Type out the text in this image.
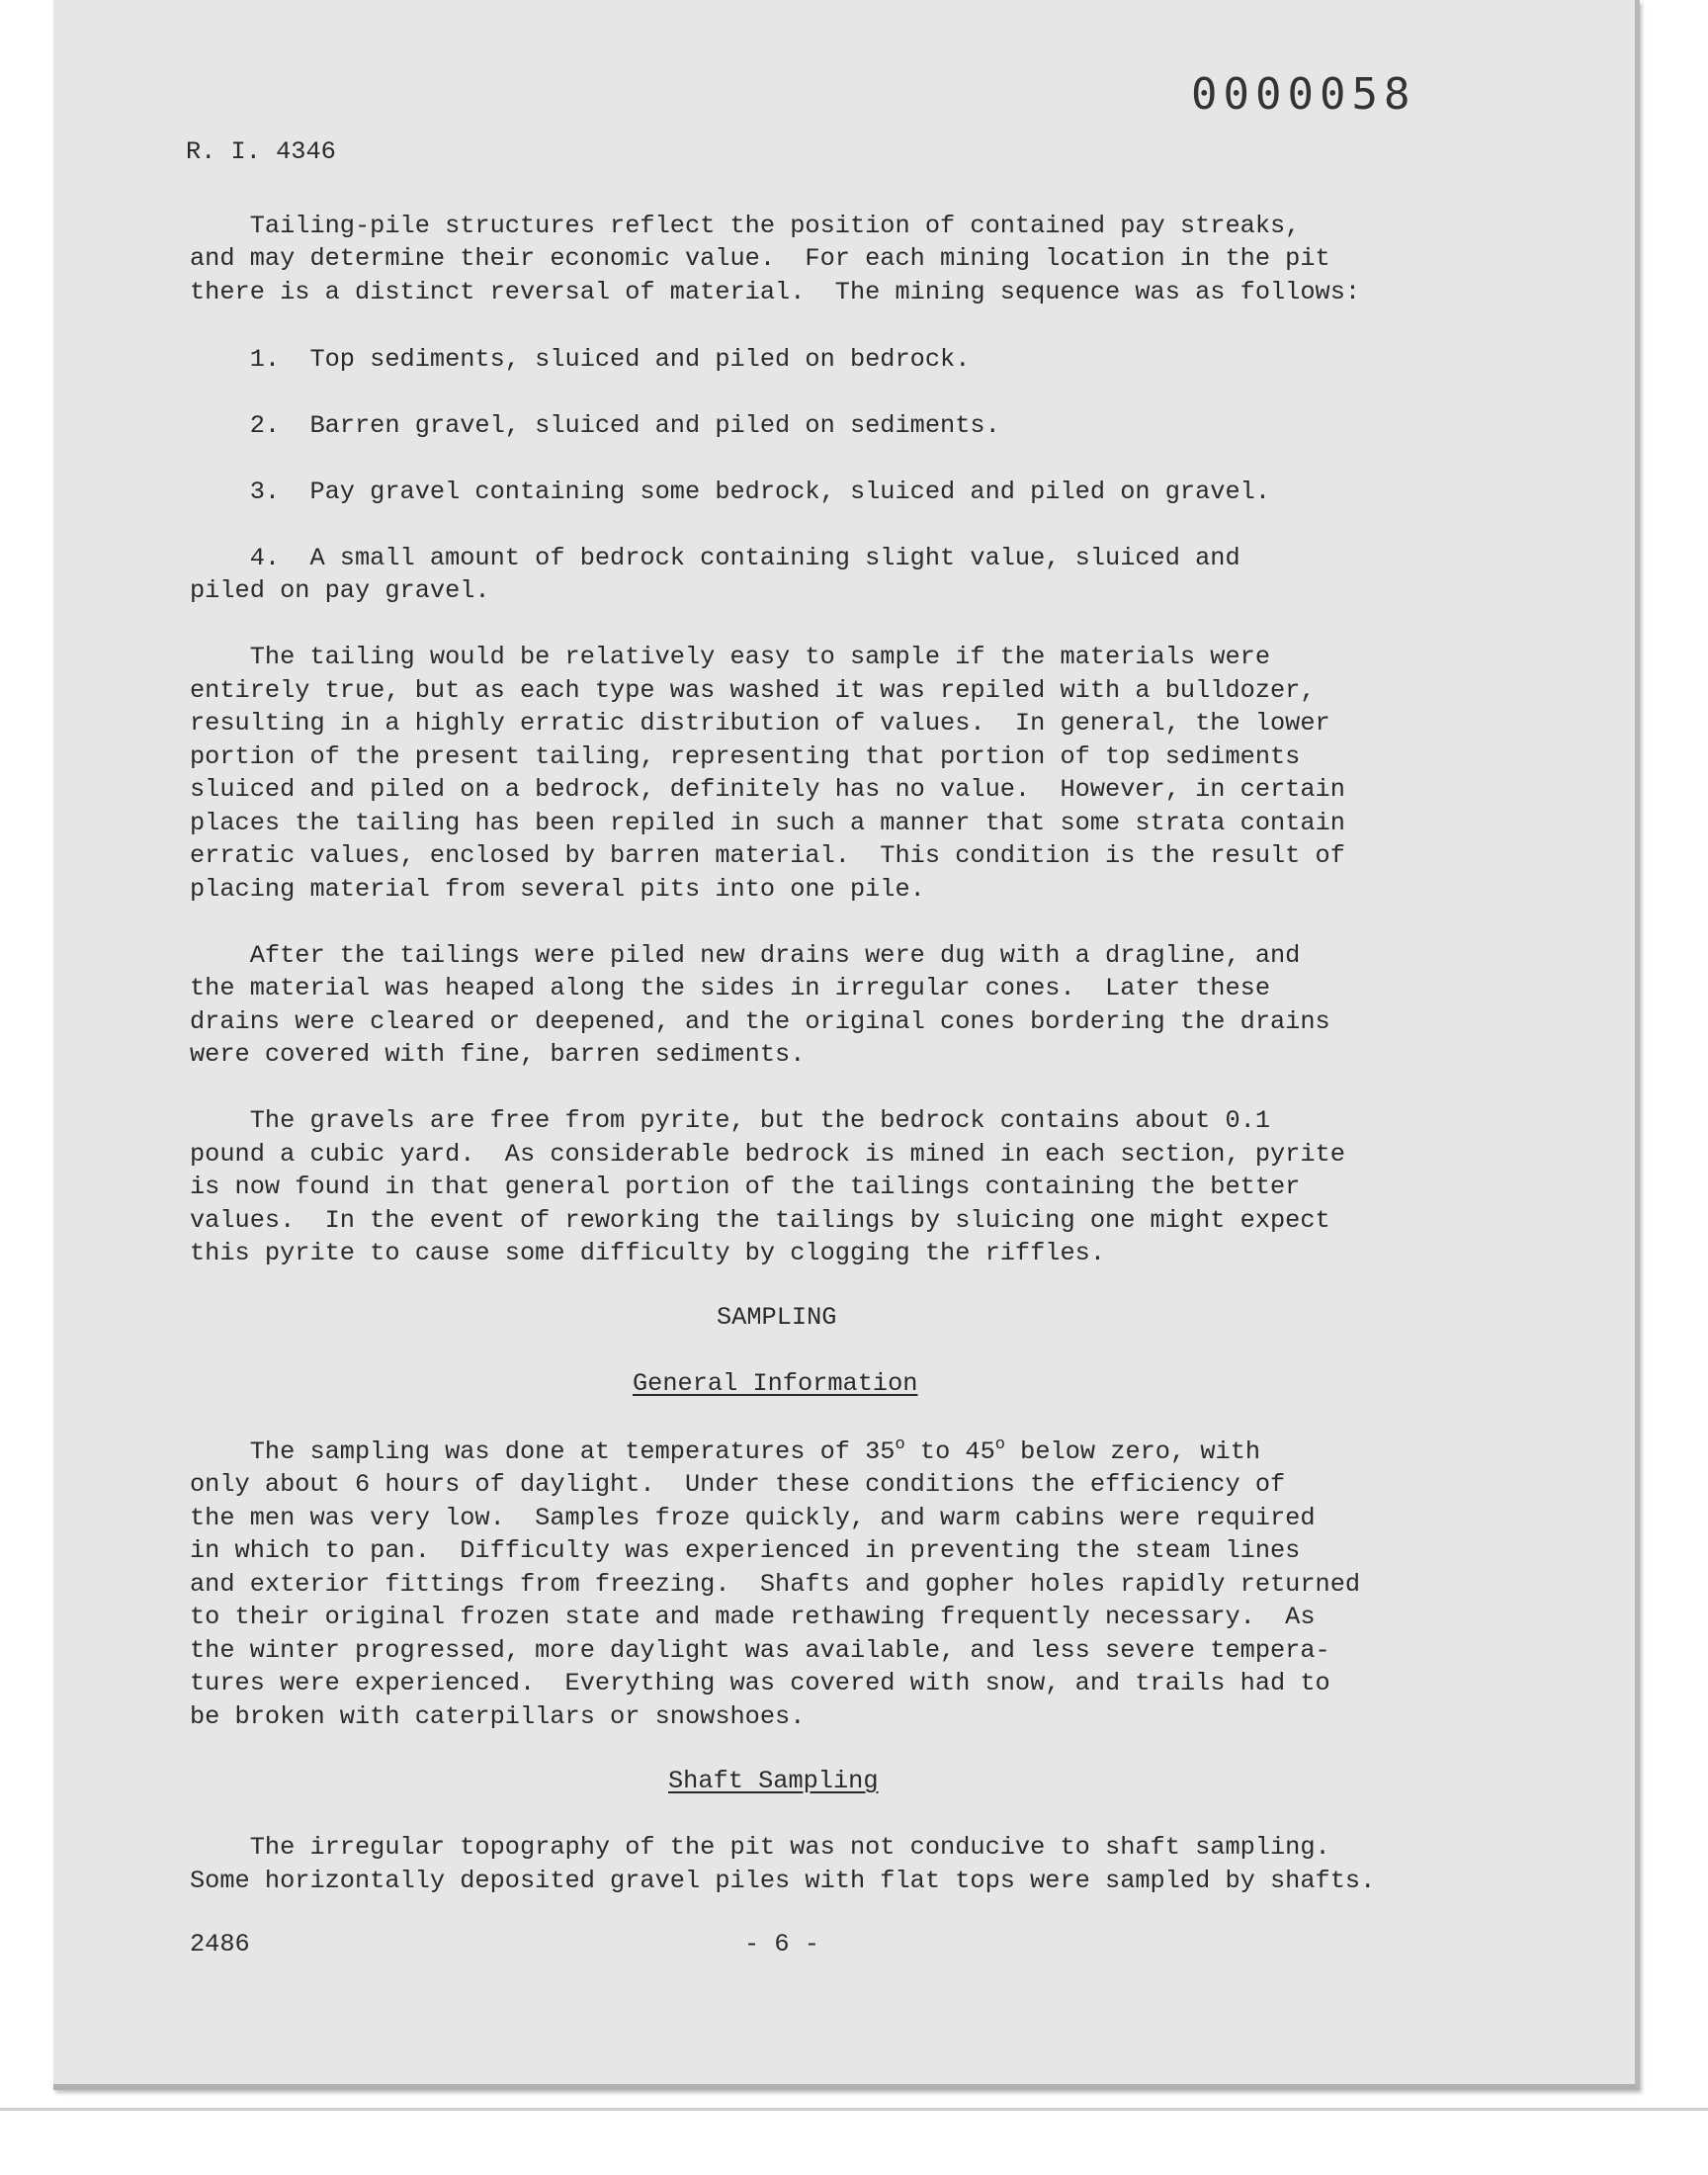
0000058
R. I. 4346
Tailing-pile structures reflect the position of contained pay streaks,
and may determine their economic value.  For each mining location in the pit
there is a distinct reversal of material.  The mining sequence was as follows:
1.  Top sediments, sluiced and piled on bedrock.
2.  Barren gravel, sluiced and piled on sediments.
3.  Pay gravel containing some bedrock, sluiced and piled on gravel.
4.  A small amount of bedrock containing slight value, sluiced and
piled on pay gravel.
The tailing would be relatively easy to sample if the materials were
entirely true, but as each type was washed it was repiled with a bulldozer,
resulting in a highly erratic distribution of values.  In general, the lower
portion of the present tailing, representing that portion of top sediments
sluiced and piled on a bedrock, definitely has no value.  However, in certain
places the tailing has been repiled in such a manner that some strata contain
erratic values, enclosed by barren material.  This condition is the result of
placing material from several pits into one pile.
After the tailings were piled new drains were dug with a dragline, and
the material was heaped along the sides in irregular cones.  Later these
drains were cleared or deepened, and the original cones bordering the drains
were covered with fine, barren sediments.
The gravels are free from pyrite, but the bedrock contains about 0.1
pound a cubic yard.  As considerable bedrock is mined in each section, pyrite
is now found in that general portion of the tailings containing the better
values.  In the event of reworking the tailings by sluicing one might expect
this pyrite to cause some difficulty by clogging the riffles.
SAMPLING
General Information
The sampling was done at temperatures of 35$^o$ to 45$^o$ below zero, with
only about 6 hours of daylight.  Under these conditions the efficiency of
the men was very low.  Samples froze quickly, and warm cabins were required
in which to pan.  Difficulty was experienced in preventing the steam lines
and exterior fittings from freezing.  Shafts and gopher holes rapidly returned
to their original frozen state and made rethawing frequently necessary.  As
the winter progressed, more daylight was available, and less severe tempera-
tures were experienced.  Everything was covered with snow, and trails had to
be broken with caterpillars or snowshoes.
Shaft Sampling
The irregular topography of the pit was not conducive to shaft sampling.
Some horizontally deposited gravel piles with flat tops were sampled by shafts.
2486	- 6 -
